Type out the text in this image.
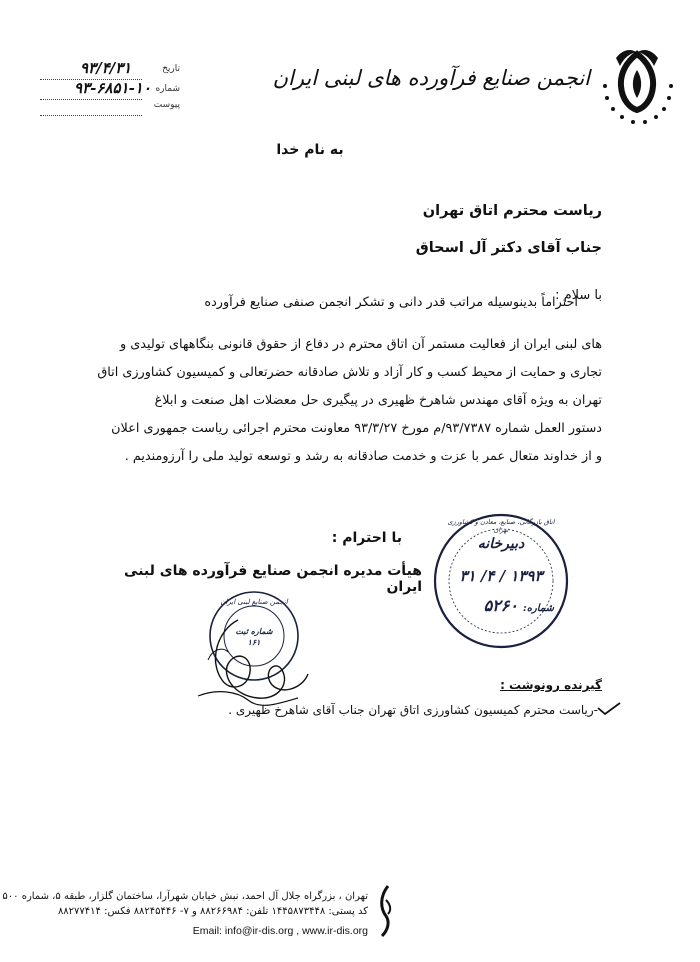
تاریخ
۹۳/۴/۳۱
شماره
۹۳-۶۸۵۱-۱۰
پیوست
انجمن صنایع فرآورده های لبنی ایران
به نام خدا
ریاست محترم اتاق تهران
جناب آقای دکتر آل اسحاق
با سلام :
احتراماً بدینوسیله مراتب قدر دانی و تشکر انجمن صنفی صنایع فرآورده
های لبنی ایران از فعالیت مستمر آن اتاق محترم در دفاع از حقوق قانونی بنگاههای تولیدی و
تجاری و حمایت از محیط کسب و کار آزاد و تلاش صادقانه حضرتعالی و کمیسیون کشاورزی اتاق
تهران به ویژه آقای مهندس شاهرخ ظهیری در پیگیری حل معضلات اهل صنعت و ابلاغ
دستور العمل شماره ۹۳/۷۳۸۷/م مورخ ۹۳/۳/۲۷ معاونت محترم اجرائی ریاست جمهوری اعلان
و از خداوند متعال عمر با عزت و خدمت صادقانه به رشد و توسعه تولید ملی را آرزومندیم .
با احترام :
هیأت مدیره انجمن صنایع فرآورده های لبنی ایران
اتاق بازرگانی، صنایع، معادن و کشاورزی تهران
دبیرخانه
۱۳۹۳ / ۴/ ۳۱
شماره: ۵۲۶۰
انجمن صنایع لبنی ایران
شماره ثبت ۱۶۱
گیرنده رونوشت :
-ریاست محترم کمیسیون کشاورزی اتاق تهران جناب آقای شاهرخ ظهیری .
تهران ، بزرگراه جلال آل احمد، نبش خیابان شهرآرا، ساختمان گلزار، طبقه ۵، شماره ۵۰۰
کد پستی: ۱۴۴۵۸۷۳۴۴۸ تلفن: ۸۸۲۶۶۹۸۴ و ۷- ۸۸۲۴۵۴۴۶ فکس: ۸۸۲۷۷۴۱۴
Email: info@ir-dis.org , www.ir-dis.org
